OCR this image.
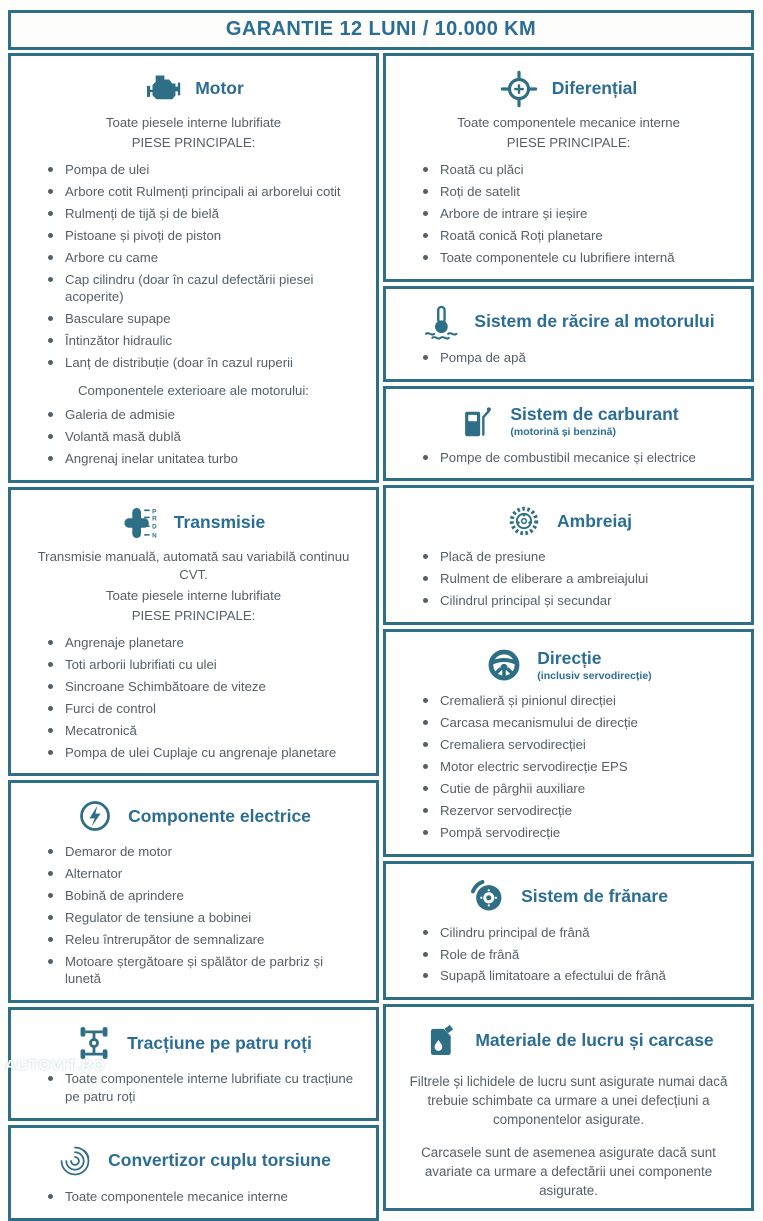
GARANTIE 12 LUNI / 10.000 KM
Motor
Toate piesele interne lubrifiate
PIESE PRINCIPALE:
Pompa de ulei
Arbore cotit Rulmenți principali ai arborelui cotit
Rulmenți de tijă și de bielă
Pistoane și pivoți de piston
Arbore cu came
Cap cilindru (doar în cazul defectării piesei acoperite)
Basculare supape
Întinzător hidraulic
Lanț de distribuție (doar în cazul ruperii
Componentele exterioare ale motorului:
Galeria de admisie
Volantă masă dublă
Angrenaj inelar unitatea turbo
P
R
D
N
Transmisie
Transmisie manuală, automată sau variabilă continuu CVT.
Toate piesele interne lubrifiate
PIESE PRINCIPALE:
Angrenaje planetare
Toti arborii lubrifiati cu ulei
Sincroane Schimbătoare de viteze
Furci de control
Mecatronică
Pompa de ulei Cuplaje cu angrenaje planetare
Componente electrice
Demaror de motor
Alternator
Bobină de aprindere
Regulator de tensiune a bobinei
Releu întrerupător de semnalizare
Motoare ștergătoare și spălător de parbriz și lunetă
Tracțiune pe patru roți
Toate componentele interne lubrifiate cu tracțiune pe patru roți
Convertizor cuplu torsiune
Toate componentele mecanice interne
Diferențial
Toate componentele mecanice interne
PIESE PRINCIPALE:
Roată cu plăci
Roți de satelit
Arbore de intrare și ieșire
Roată conică Roți planetare
Toate componentele cu lubrifiere internă
Sistem de răcire al motorului
Pompa de apă
Sistem de carburant
(motorină și benzină)
Pompe de combustibil mecanice și electrice
Ambreiaj
Placă de presiune
Rulment de eliberare a ambreiajului
Cilindrul principal și secundar
Direcție
(inclusiv servodirecție)
Cremalieră și pinionul direcției
Carcasa mecanismului de direcție
Cremaliera servodirecției
Motor electric servodirecție EPS
Cutie de pârghii auxiliare
Rezervor servodirecție
Pompă servodirecție
Sistem de frănare
Cilindru principal de frână
Role de frână
Supapă limitatoare a efectului de frână
Materiale de lucru și carcase

Filtrele și lichidele de lucru sunt asigurate numai dacă trebuie schimbate ca urmare a unei defecțiuni a componentelor asigurate.

Carcasele sunt de asemenea asigurate dacă sunt avariate ca urmare a defectării unei componente asigurate.

AUTOVIT.RO
